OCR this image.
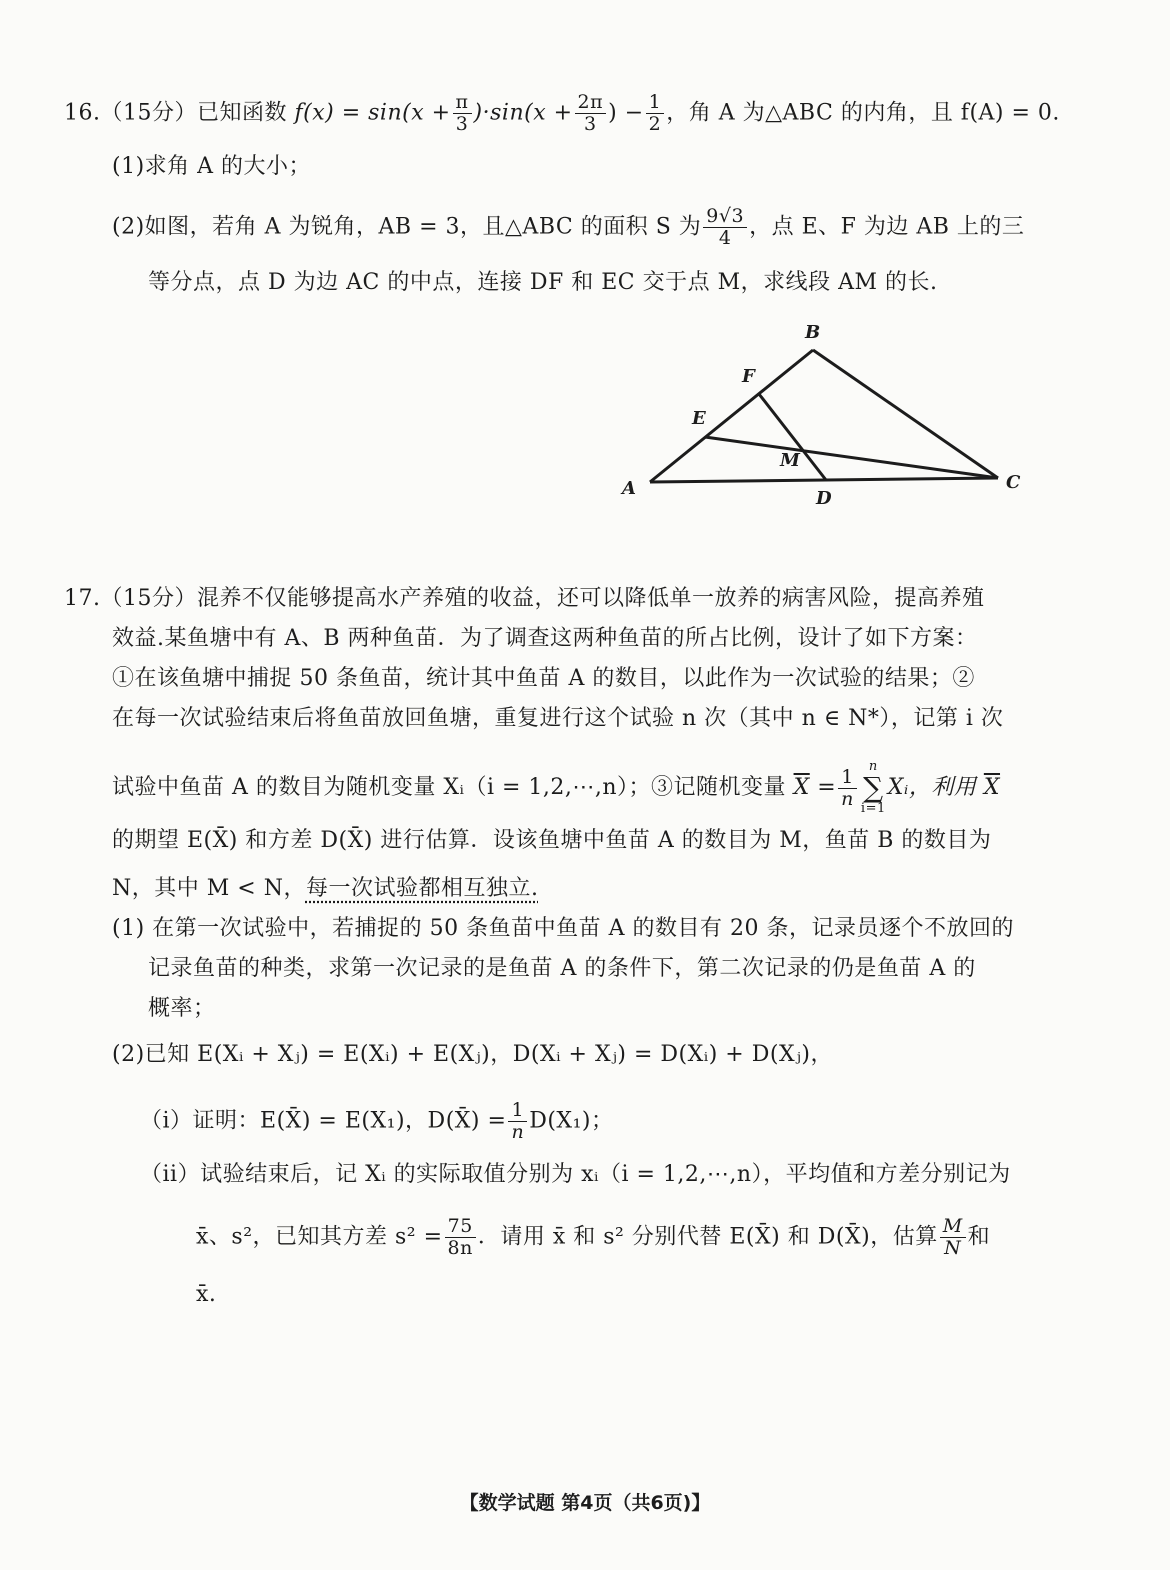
16.（15分）已知函数 $f(x) = \sin(x + \frac{\pi}{3} )\cdot\sin(x + \frac{2\pi}{3}$ ) − $\frac{1}{2}$ ，角 A 为△ABC 的内角，且 f(A) = 0.
(1)求角 A 的大小；
(2)如图，若角 A 为锐角，AB = 3，且△ABC 的面积 S 为 $\frac{9√3}{4}$ ，点 E、F 为边 AB 上的三
等分点，点 D 为边 AC 的中点，连接 DF 和 EC 交于点 M，求线段 AM 的长.
A
B
C
D
E
F
M
17.（15分）混养不仅能够提高水产养殖的收益，还可以降低单一放养的病害风险，提高养殖
效益.某鱼塘中有 A、B 两种鱼苗．为了调查这两种鱼苗的所占比例，设计了如下方案：
①在该鱼塘中捕捉 50 条鱼苗，统计其中鱼苗 A 的数目，以此作为一次试验的结果；②
在每一次试验结束后将鱼苗放回鱼塘，重复进行这个试验 n 次（其中 n ∈ N*），记第 i 次
试验中鱼苗 A 的数目为随机变量 Xᵢ（i = 1,2,⋯,n）；③记随机变量 $\overline{X} = \frac{1}{n}$ n
∑
i=1
Xᵢ，利用 $\overline{X}$
的期望 E(X̄) 和方差 D(X̄) 进行估算．设该鱼塘中鱼苗 A 的数目为 M，鱼苗 B 的数目为
N，其中 M < N，每一次试验都相互独立.
(1) 在第一次试验中，若捕捉的 50 条鱼苗中鱼苗 A 的数目有 20 条，记录员逐个不放回的
记录鱼苗的种类，求第一次记录的是鱼苗 A 的条件下，第二次记录的仍是鱼苗 A 的
概率；
(2)已知 E(Xᵢ + Xⱼ) = E(Xᵢ) + E(Xⱼ)，D(Xᵢ + Xⱼ) = D(Xᵢ) + D(Xⱼ)，
（i）证明：E(X̄) = E(X₁)，D(X̄) = $\frac{1}{n} D(X_1)$；
（ii）试验结束后，记 Xᵢ 的实际取值分别为 xᵢ（i = 1,2,⋯,n），平均值和方差分别记为
x̄、s²，已知其方差 $s^2 = \frac{75}{8n}$ ．请用 x̄ 和 s² 分别代替 E(X̄) 和 D(X̄)，估算 $\frac{M}{N}$ 和
x̄.
【数学试题 第4页（共6页)】
